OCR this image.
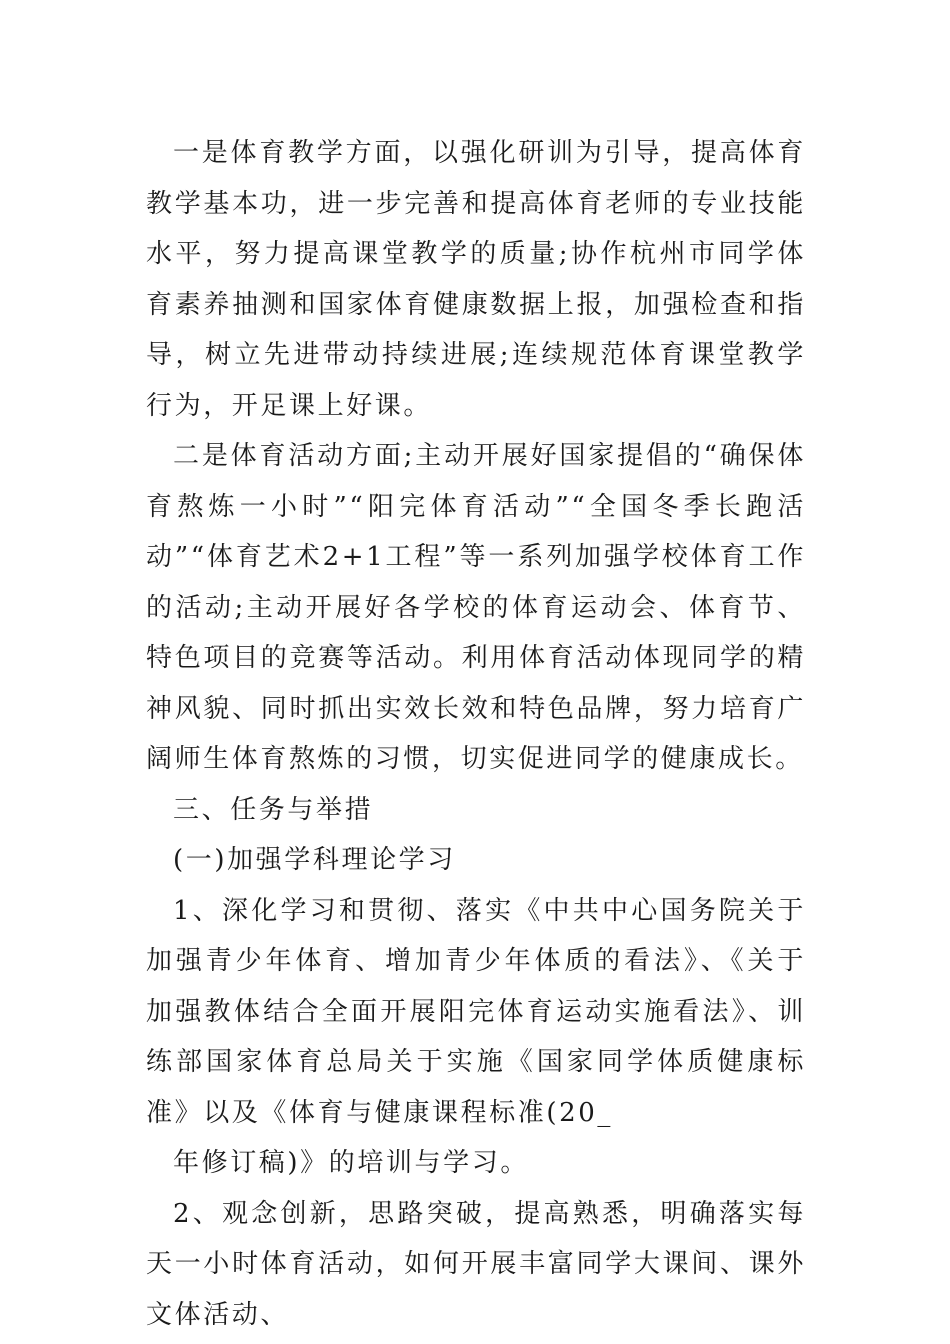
一是体育教学方面，以强化研训为引导，提高体育教学基本功，进一步完善和提高体育老师的专业技能水平，努力提高课堂教学的质量;协作杭州市同学体育素养抽测和国家体育健康数据上报，加强检查和指导，树立先进带动持续进展;连续规范体育课堂教学行为，开足课上好课。

二是体育活动方面;主动开展好国家提倡的“确保体育熬炼一小时”“阳完体育活动”“全国冬季长跑活动”“体育艺术2+1工程”等一系列加强学校体育工作的活动;主动开展好各学校的体育运动会、体育节、特色项目的竞赛等活动。利用体育活动体现同学的精神风貌、同时抓出实效长效和特色品牌，努力培育广阔师生体育熬炼的习惯，切实促进同学的健康成长。

三、任务与举措

(一)加强学科理论学习

1、深化学习和贯彻、落实《中共中心国务院关于加强青少年体育、增加青少年体质的看法》、《关于加强教体结合全面开展阳完体育运动实施看法》、训练部国家体育总局关于实施《国家同学体质健康标准》以及《体育与健康课程标准(20_

年修订稿)》的培训与学习。

2、观念创新，思路突破，提高熟悉，明确落实每天一小时体育活动，如何开展丰富同学大课间、课外文体活动、
